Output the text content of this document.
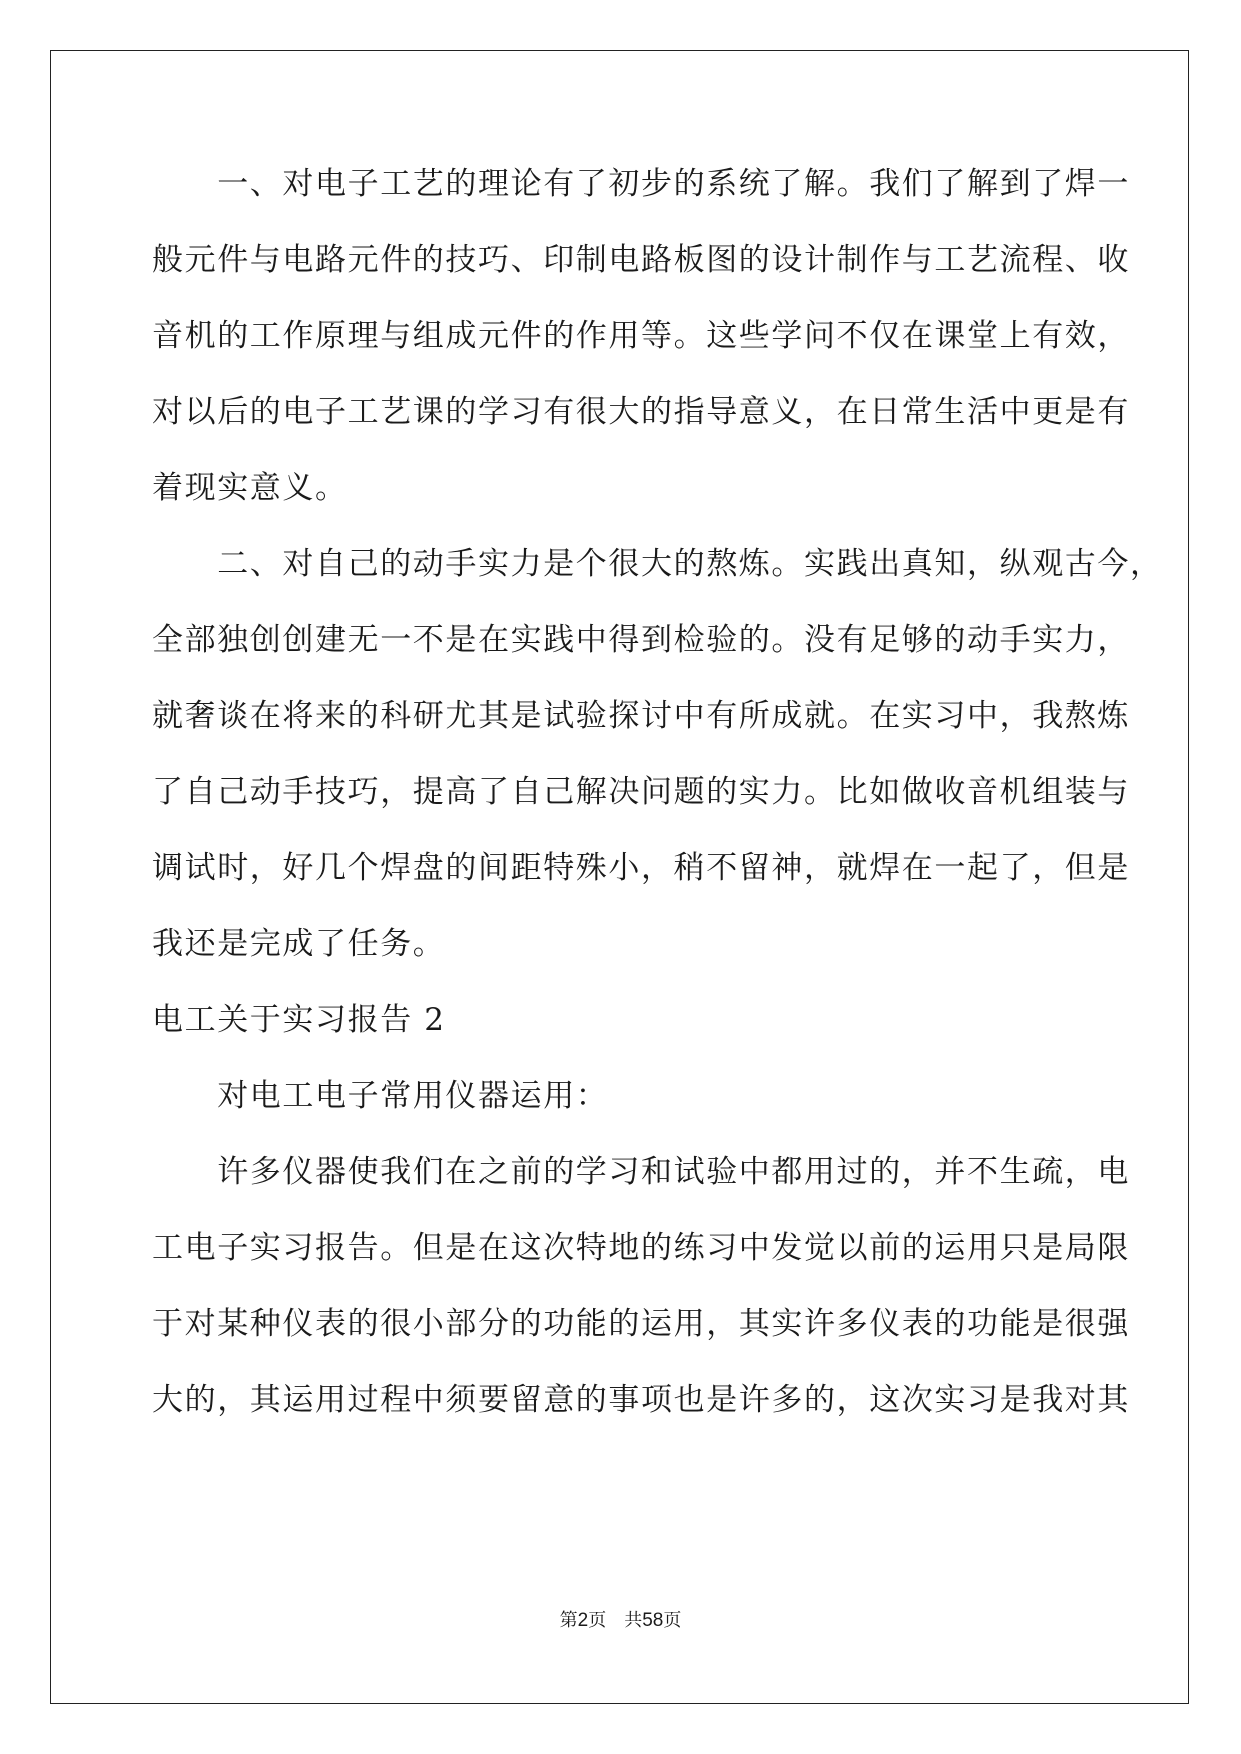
　　一、对电子工艺的理论有了初步的系统了解。我们了解到了焊一
般元件与电路元件的技巧、印制电路板图的设计制作与工艺流程、收
音机的工作原理与组成元件的作用等。这些学问不仅在课堂上有效，
对以后的电子工艺课的学习有很大的指导意义，在日常生活中更是有
着现实意义。
　　二、对自己的动手实力是个很大的熬炼。实践出真知，纵观古今，
全部独创创建无一不是在实践中得到检验的。没有足够的动手实力，
就奢谈在将来的科研尤其是试验探讨中有所成就。在实习中，我熬炼
了自己动手技巧，提高了自己解决问题的实力。比如做收音机组装与
调试时，好几个焊盘的间距特殊小，稍不留神，就焊在一起了，但是
我还是完成了任务。
电工关于实习报告 2
　　对电工电子常用仪器运用：
　　许多仪器使我们在之前的学习和试验中都用过的，并不生疏，电
工电子实习报告。但是在这次特地的练习中发觉以前的运用只是局限
于对某种仪表的很小部分的功能的运用，其实许多仪表的功能是很强
大的，其运用过程中须要留意的事项也是许多的，这次实习是我对其
第2页　共58页
